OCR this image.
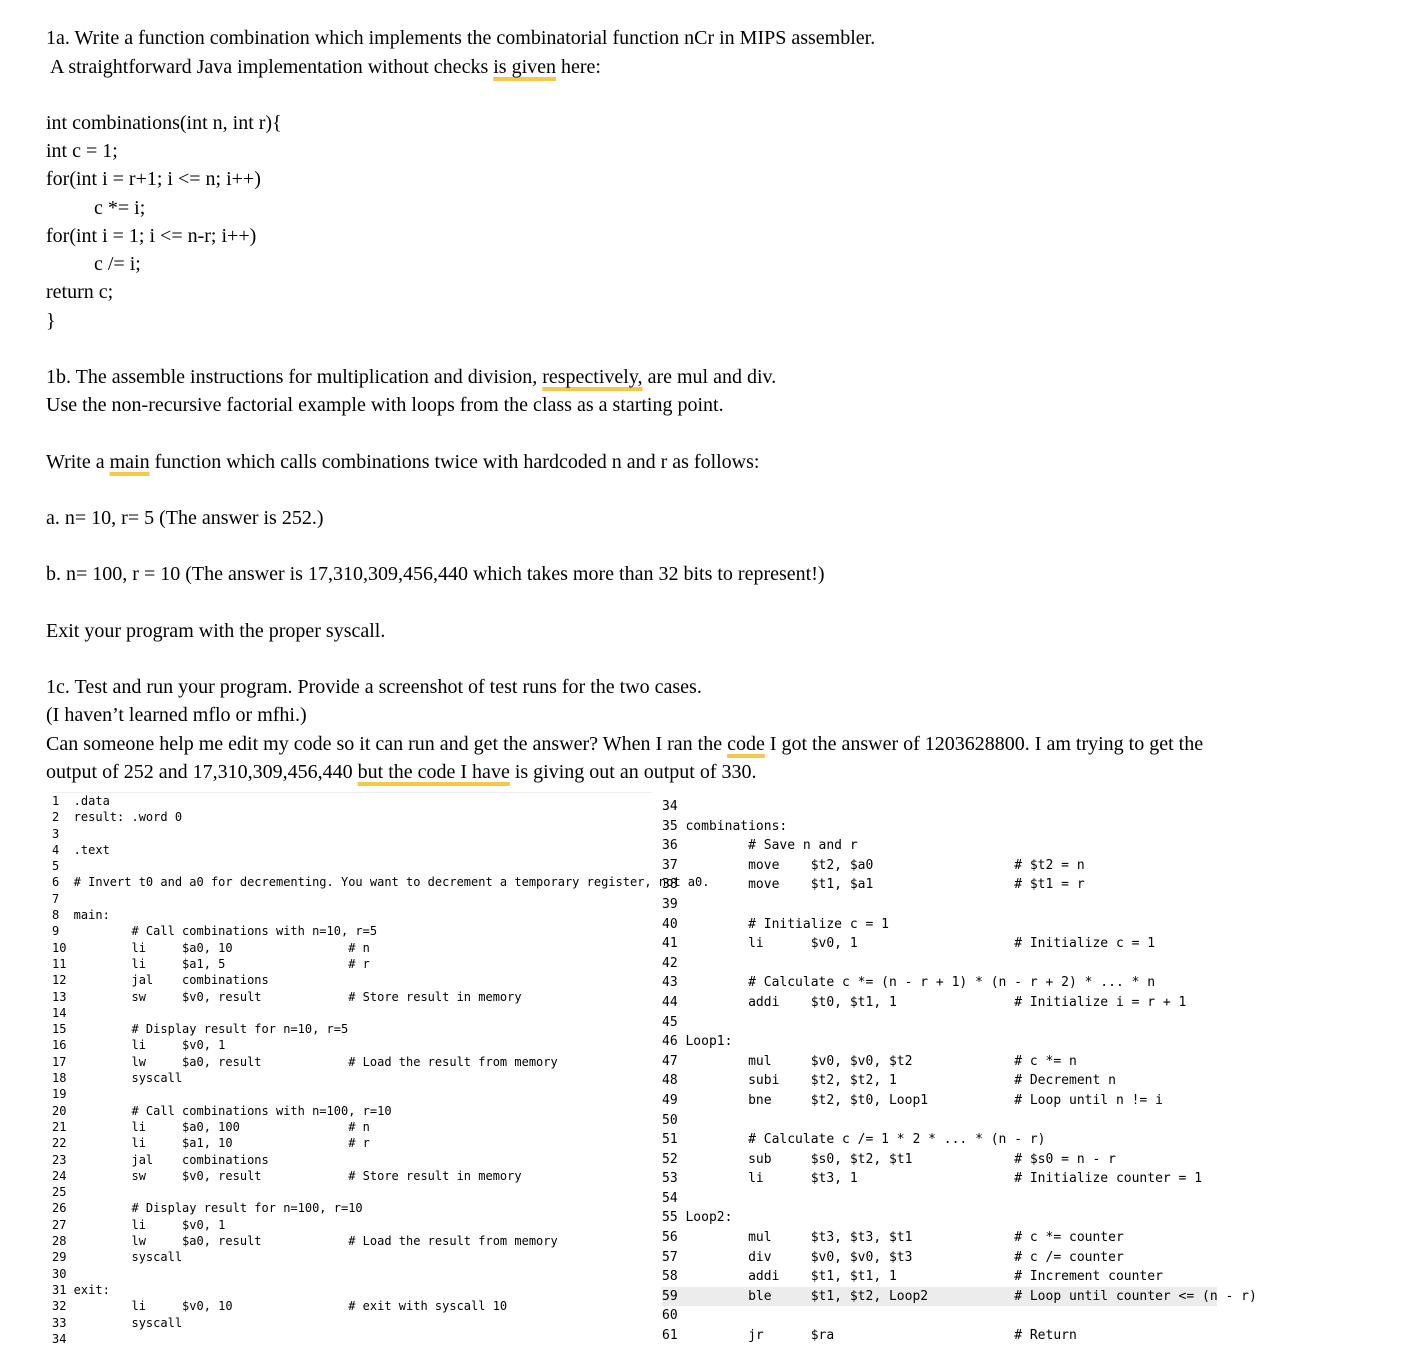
1a. Write a function combination which implements the combinatorial function nCr in MIPS assembler.
A straightforward Java implementation without checks is given here:
int combinations(int n, int r){
int c = 1;
for(int i = r+1; i <= n; i++)
c *= i;
for(int i = 1; i <= n-r; i++)
c /= i;
return c;
}
1b. The assemble instructions for multiplication and division, respectively, are mul and div.
Use the non-recursive factorial example with loops from the class as a starting point.
Write a main function which calls combinations twice with hardcoded n and r as follows:
a. n= 10, r= 5 (The answer is 252.)
b. n= 100, r = 10 (The answer is 17,310,309,456,440 which takes more than 32 bits to represent!)
Exit your program with the proper syscall.
1c. Test and run your program. Provide a screenshot of test runs for the two cases.
(I haven’t learned mflo or mfhi.)
Can someone help me edit my code so it can run and get the answer? When I ran the code I got the answer of 1203628800. I am trying to get the
output of 252 and 17,310,309,456,440 but the code I have is giving out an output of 330.
1  .data
2  result: .word 0
3
4  .text
5
6  # Invert t0 and a0 for decrementing. You want to decrement a temporary register, not a0.
7
8  main:
9          # Call combinations with n=10, r=5
10         li     $a0, 10                # n
11         li     $a1, 5                 # r
12         jal    combinations
13         sw     $v0, result            # Store result in memory
14
15         # Display result for n=10, r=5
16         li     $v0, 1
17         lw     $a0, result            # Load the result from memory
18         syscall
19
20         # Call combinations with n=100, r=10
21         li     $a0, 100               # n
22         li     $a1, 10                # r
23         jal    combinations
24         sw     $v0, result            # Store result in memory
25
26         # Display result for n=100, r=10
27         li     $v0, 1
28         lw     $a0, result            # Load the result from memory
29         syscall
30
31 exit:
32         li     $v0, 10                # exit with syscall 10
33         syscall
34
34
35 combinations:
36         # Save n and r
37         move    $t2, $a0                  # $t2 = n
38         move    $t1, $a1                  # $t1 = r
39
40         # Initialize c = 1
41         li      $v0, 1                    # Initialize c = 1
42
43         # Calculate c *= (n - r + 1) * (n - r + 2) * ... * n
44         addi    $t0, $t1, 1               # Initialize i = r + 1
45
46 Loop1:
47         mul     $v0, $v0, $t2             # c *= n
48         subi    $t2, $t2, 1               # Decrement n
49         bne     $t2, $t0, Loop1           # Loop until n != i
50
51         # Calculate c /= 1 * 2 * ... * (n - r)
52         sub     $s0, $t2, $t1             # $s0 = n - r
53         li      $t3, 1                    # Initialize counter = 1
54
55 Loop2:
56         mul     $t3, $t3, $t1             # c *= counter
57         div     $v0, $v0, $t3             # c /= counter
58         addi    $t1, $t1, 1               # Increment counter
59         ble     $t1, $t2, Loop2           # Loop until counter <= (n - r)
60
61         jr      $ra                       # Return
